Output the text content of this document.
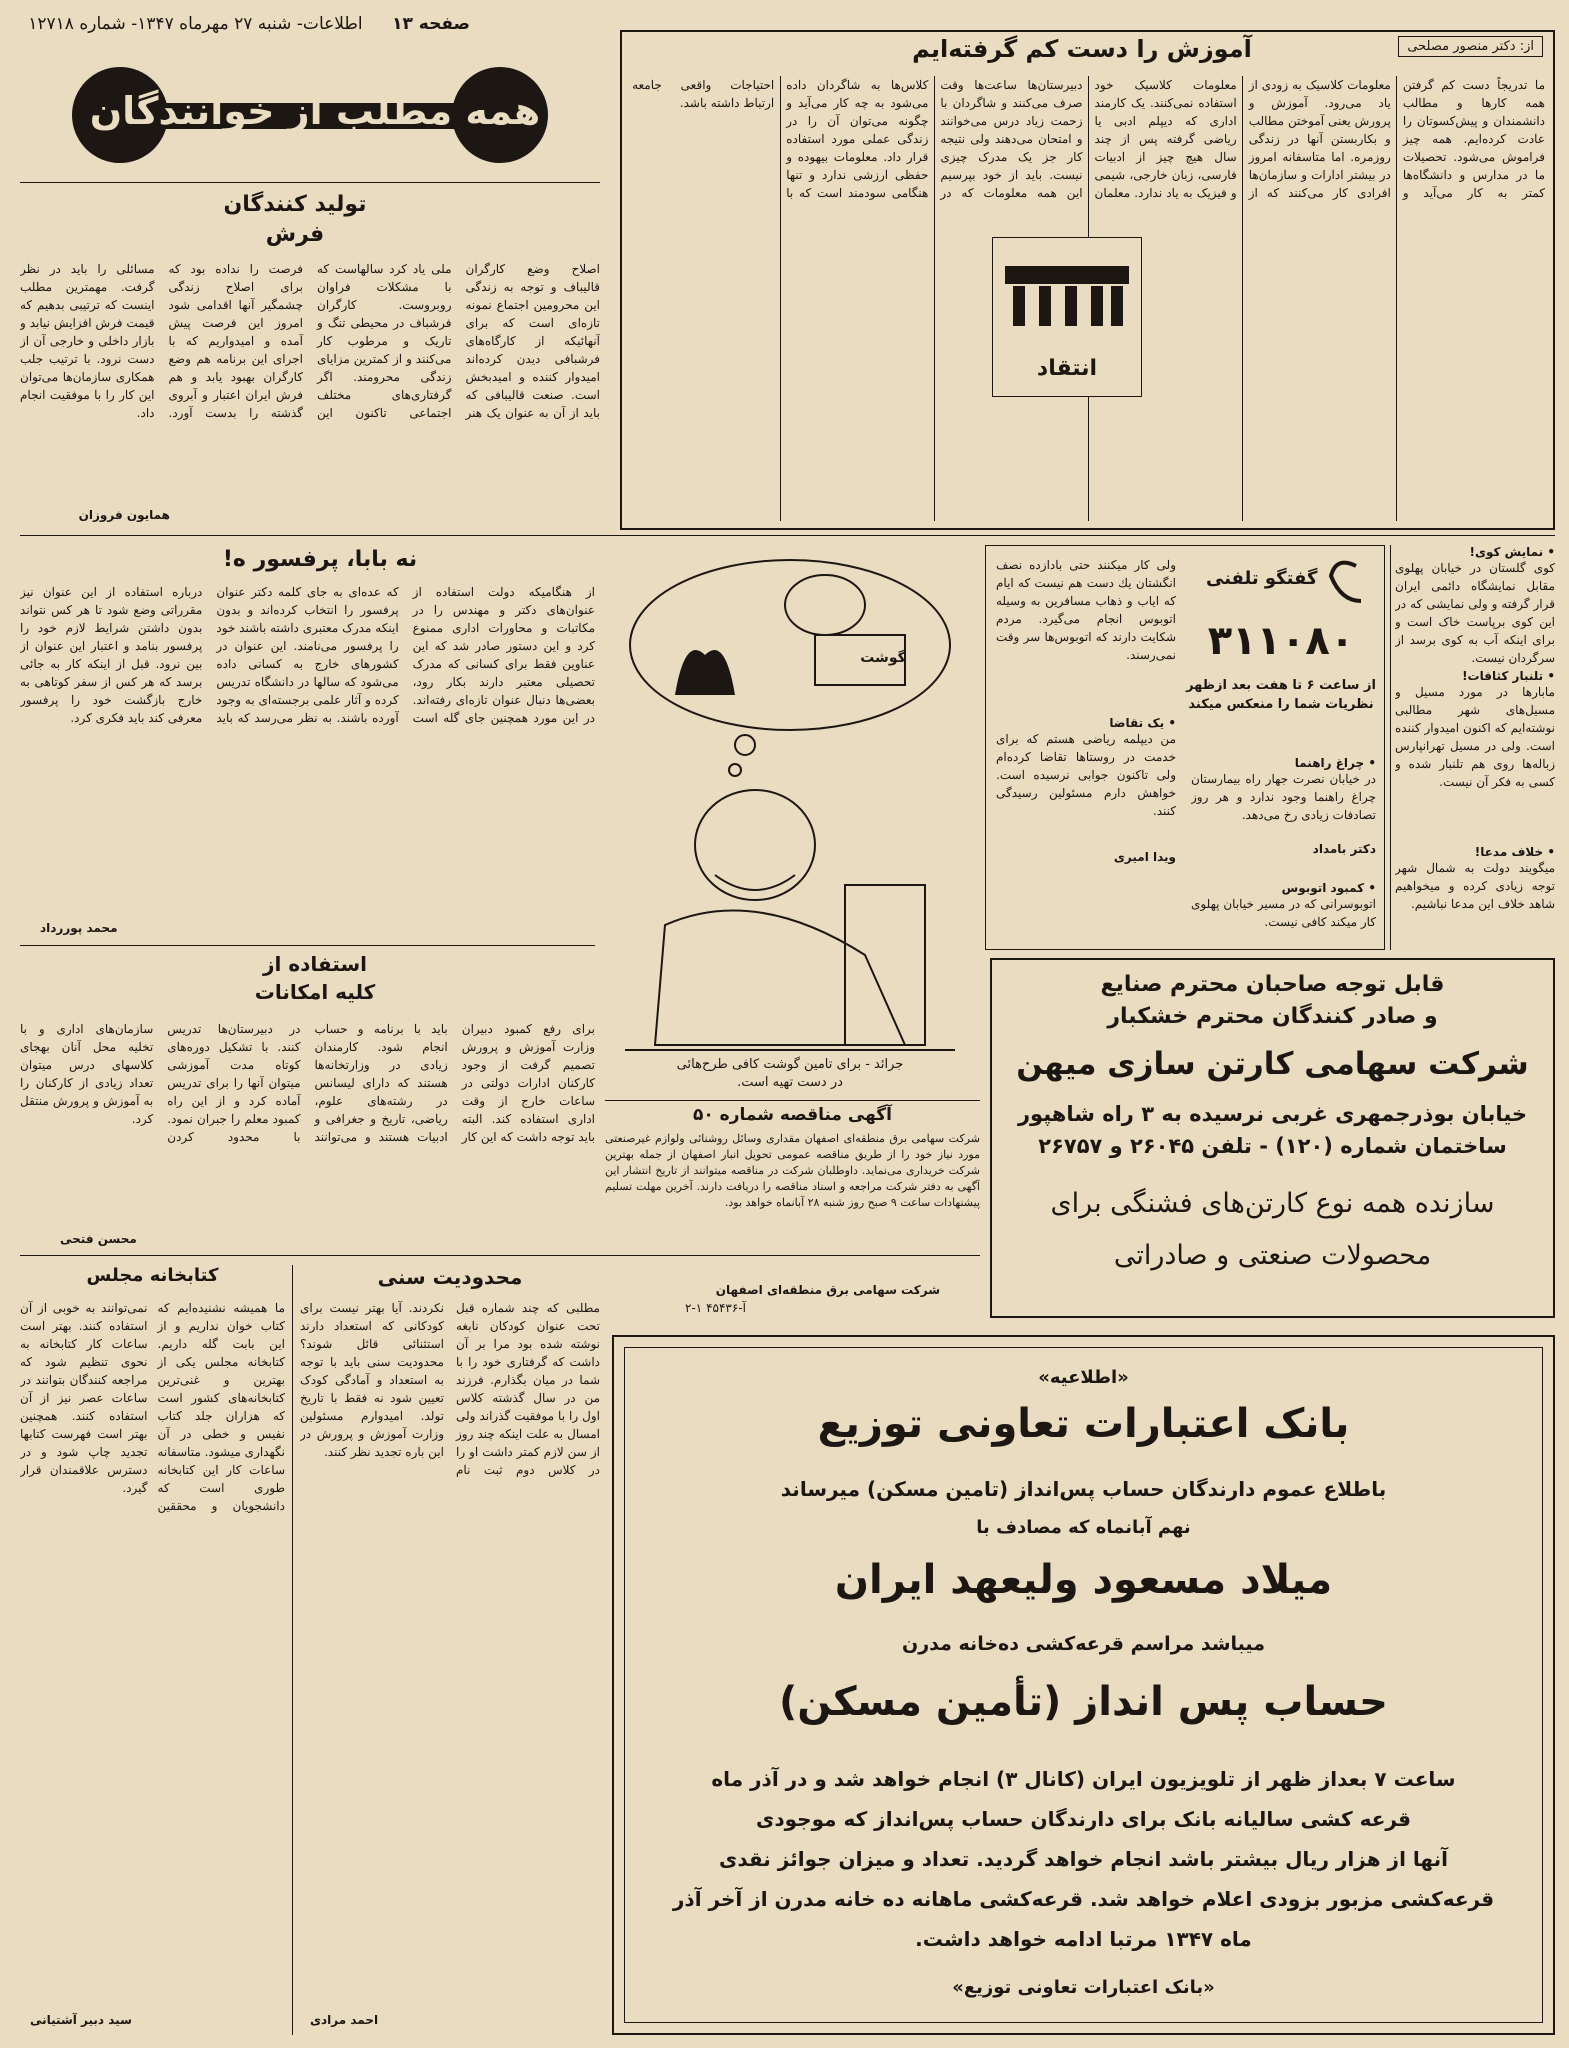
صفحه ۱۳ اطلاعات- شنبه ۲۷ مهرماه ۱۳۴۷- شماره ۱۲۷۱۸
همه مطلب از خوانندگان
تولید کنندگان فرش
اصلاح وضع کارگران قالیباف و توجه به زندگی این محرومین اجتماع نمونه تازه‌ای است که برای آنهائیکه از کارگاه‌های فرشبافی دیدن کرده‌اند امیدوار کننده و امیدبخش است. صنعت قالیبافی که باید از آن به عنوان یک هنر ملی یاد کرد سالهاست که با مشکلات فراوان روبروست. کارگران فرشباف در محیطی تنگ و تاریک و مرطوب کار می‌کنند و از کمترین مزایای زندگی محرومند. اگر گرفتاری‌های مختلف اجتماعی تاکنون این فرصت را نداده بود که برای اصلاح زندگی چشمگیر آنها اقدامی شود امروز این فرصت پیش آمده و امیدواریم که با اجرای این برنامه هم وضع کارگران بهبود یابد و هم فرش ایران اعتبار و آبروی گذشته را بدست آورد. مسائلی را باید در نظر گرفت. مهمترین مطلب اینست که ترتیبی بدهیم که قیمت فرش افزایش نیابد و بازار داخلی و خارجی آن از دست نرود. با ترتیب جلب همکاری سازمان‌ها می‌توان این کار را با موفقیت انجام داد.
همایون فروزان
از: دکتر منصور مصلحی
آموزش را دست کم گرفته‌ایم
ما تدریجاً دست کم گرفتن همه کارها و مطالب دانشمندان و پیش‌کسوتان را عادت کرده‌ایم. همه چیز فراموش می‌شود. تحصیلات ما در مدارس و دانشگاه‌ها کمتر به کار می‌آید و معلومات کلاسیک به زودی از یاد می‌رود. آموزش و پرورش یعنی آموختن مطالب و بکاربستن آنها در زندگی روزمره. اما متاسفانه امروز در بیشتر ادارات و سازمان‌ها افرادی کار می‌کنند که از معلومات کلاسیک خود استفاده نمی‌کنند. یک کارمند اداری که دیپلم ادبی یا ریاضی گرفته پس از چند سال هیچ چیز از ادبیات فارسی، زبان خارجی، شیمی و فیزیک به یاد ندارد. معلمان دبیرستان‌ها ساعت‌ها وقت صرف می‌کنند و شاگردان با زحمت زیاد درس می‌خوانند و امتحان می‌دهند ولی نتیجه کار جز یک مدرک چیزی نیست. باید از خود بپرسیم این همه معلومات که در کلاس‌ها به شاگردان داده می‌شود به چه کار می‌آید و چگونه می‌توان آن را در زندگی عملی مورد استفاده قرار داد. معلومات بیهوده و حفظی ارزشی ندارد و تنها هنگامی سودمند است که با احتیاجات واقعی جامعه ارتباط داشته باشد.
انتقاد
نه بابا، پرفسور ه!
از هنگامیکه دولت استفاده از عنوان‌های دکتر و مهندس را در مکاتبات و محاورات اداری ممنوع کرد و این دستور صادر شد که این عناوین فقط برای کسانی که مدرک تحصیلی معتبر دارند بکار رود، بعضی‌ها دنبال عنوان تازه‌ای رفته‌اند. در این مورد همچنین جای گله است که عده‌ای به جای کلمه دکتر عنوان پرفسور را انتخاب کرده‌اند و بدون اینکه مدرک معتبری داشته باشند خود را پرفسور می‌نامند. این عنوان در کشورهای خارج به کسانی داده می‌شود که سالها در دانشگاه تدریس کرده و آثار علمی برجسته‌ای به وجود آورده باشند. به نظر می‌رسد که باید درباره استفاده از این عنوان نیز مقرراتی وضع شود تا هر کس نتواند بدون داشتن شرایط لازم خود را پرفسور بنامد و اعتبار این عنوان از بین نرود. قبل از اینکه کار به جائی برسد که هر کس از سفر کوتاهی به خارج بازگشت خود را پرفسور معرفی کند باید فکری کرد.
محمد پوررداد
گوشت
جرائد - برای تامین گوشت کافی طرح‌هائی
در دست تهیه است.
گفتگو تلفنی
۳۱۱۰۸۰
از ساعت ۶ تا هفت بعد ازظهر نظریات شما را منعکس میکند
ولی کار میکنند حتی بادازده نصف انگشتان یك دست هم نیست که ایام که ایاب و ذهاب مسافرین به وسیله اتوبوس انجام می‌گیرد. مردم شکایت دارند که اتوبوس‌ها سر وقت نمی‌رسند.
• یک تقاضا
من دیپلمه ریاضی هستم که برای خدمت در روستاها تقاضا کرده‌ام ولی تاکنون جوابی نرسیده است. خواهش دارم مسئولین رسیدگی کنند.
ویدا امیری
• چراغ راهنما
در خیابان نصرت جهار راه بیمارستان چراغ راهنما وجود ندارد و هر روز تصادفات زیادی رخ می‌دهد.
دکتر بامداد
• کمبود اتوبوس
اتوبوسرانی که در مسیر خیابان پهلوی کار میکند کافی نیست.
• نمایش کوی!
کوی گلستان در خیابان پهلوی مقابل نمایشگاه دائمی ایران قرار گرفته و ولی نمایشی که در این کوی برپاست خاک است و برای اینکه آب به کوی برسد از سرگردان نیست.
• تلنبار کثافات!
مابارها در مورد مسیل و مسیل‌های شهر مطالبی نوشته‌ایم که اکنون امیدوار کننده است. ولی در مسیل تهرانپارس زباله‌ها روی هم تلنبار شده و کسی به فکر آن نیست.
• خلاف مدعا!
میگویند دولت به شمال شهر توجه زیادی کرده و میخواهیم شاهد خلاف این مدعا نباشیم.
قابل توجه صاحبان محترم صنایع
و صادر کنندگان محترم خشکبار
شرکت سهامی کارتن سازی میهن
خیابان بوذرجمهری غربی نرسیده به ۳ راه شاهپور
ساختمان شماره (۱۲۰) - تلفن ۲۶۰۴۵ و ۲۶۷۵۷
سازنده همه نوع کارتن‌های فشنگی برای
محصولات صنعتی و صادراتی
آگهی مناقصه شماره ۵۰
شرکت سهامی برق منطقه‌ای اصفهان مقداری وسائل روشنائی ولوازم غیرصنعتی مورد نیاز خود را از طریق مناقصه عمومی تحویل انبار اصفهان از جمله بهترین شرکت خریداری می‌نماید. داوطلبان شرکت در مناقصه میتوانند از تاریخ انتشار این آگهی به دفتر شرکت مراجعه و اسناد مناقصه را دریافت دارند. آخرین مهلت تسلیم پیشنهادات ساعت ۹ صبح روز شنبه ۲۸ آبانماه خواهد بود.
شرکت سهامی برق منطقه‌ای اصفهان
آ-۴۵۴۳۶ ۱-۲
استفاده از کلیه امکانات
برای رفع کمبود دبیران وزارت آموزش و پرورش تصمیم گرفت از وجود کارکنان ادارات دولتی در ساعات خارج از وقت اداری استفاده کند. البته باید توجه داشت که این کار باید با برنامه و حساب انجام شود. کارمندان زیادی در وزارتخانه‌ها هستند که دارای لیسانس در رشته‌های علوم، ریاضی، تاریخ و جغرافی و ادبیات هستند و می‌توانند در دبیرستان‌ها تدریس کنند. با تشکیل دوره‌های کوتاه مدت آموزشی میتوان آنها را برای تدریس آماده کرد و از این راه کمبود معلم را جبران نمود. با محدود کردن سازمان‌های اداری و با تخلیه محل آنان بهجای کلاسهای درس میتوان تعداد زیادی از کارکنان را به آموزش و پرورش منتقل کرد.
محسن فتحی
محدودیت سنی
مطلبی که چند شماره قبل تحت عنوان کودکان نابغه نوشته شده بود مرا بر آن داشت که گرفتاری خود را با شما در میان بگذارم. فرزند من در سال گذشته کلاس اول را با موفقیت گذراند ولی امسال به علت اینکه چند روز از سن لازم کمتر داشت او را در کلاس دوم ثبت نام نکردند. آیا بهتر نیست برای کودکانی که استعداد دارند استثنائی قائل شوند؟ محدودیت سنی باید با توجه به استعداد و آمادگی کودک تعیین شود نه فقط با تاریخ تولد. امیدوارم مسئولین وزارت آموزش و پرورش در این باره تجدید نظر کنند.
احمد مرادی
کتابخانه مجلس
ما همیشه نشنیده‌ایم که کتاب خوان نداریم و از این بابت گله داریم. کتابخانه مجلس یکی از بهترین و غنی‌ترین کتابخانه‌های کشور است که هزاران جلد کتاب نفیس و خطی در آن نگهداری میشود. متاسفانه ساعات کار این کتابخانه طوری است که دانشجویان و محققین نمی‌توانند به خوبی از آن استفاده کنند. بهتر است ساعات کار کتابخانه به نحوی تنظیم شود که مراجعه کنندگان بتوانند در ساعات عصر نیز از آن استفاده کنند. همچنین بهتر است فهرست کتابها تجدید چاپ شود و در دسترس علاقمندان قرار گیرد.
سید دبیر آشتیانی
«اطلاعیه»
بانک اعتبارات تعاونی توزیع
باطلاع عموم دارندگان حساب پس‌انداز (تامین مسکن) میرساند
نهم آبانماه که مصادف با
میلاد مسعود ولیعهد ایران
میباشد مراسم قرعه‌کشی ده‌خانه مدرن
حساب پس انداز (تأمین مسکن)
ساعت ۷ بعداز ظهر از تلویزیون ایران (کانال ۳) انجام خواهد شد و در آذر ماه
قرعه کشی سالیانه بانک برای دارندگان حساب پس‌انداز که موجودی
آنها از هزار ریال بیشتر باشد انجام خواهد گردید. تعداد و میزان جوائز نقدی
قرعه‌کشی مزبور بزودی اعلام خواهد شد. قرعه‌کشی ماهانه ده خانه مدرن از آخر آذر
ماه ۱۳۴۷ مرتبا ادامه خواهد داشت.
«بانک اعتبارات تعاونی توزیع»
